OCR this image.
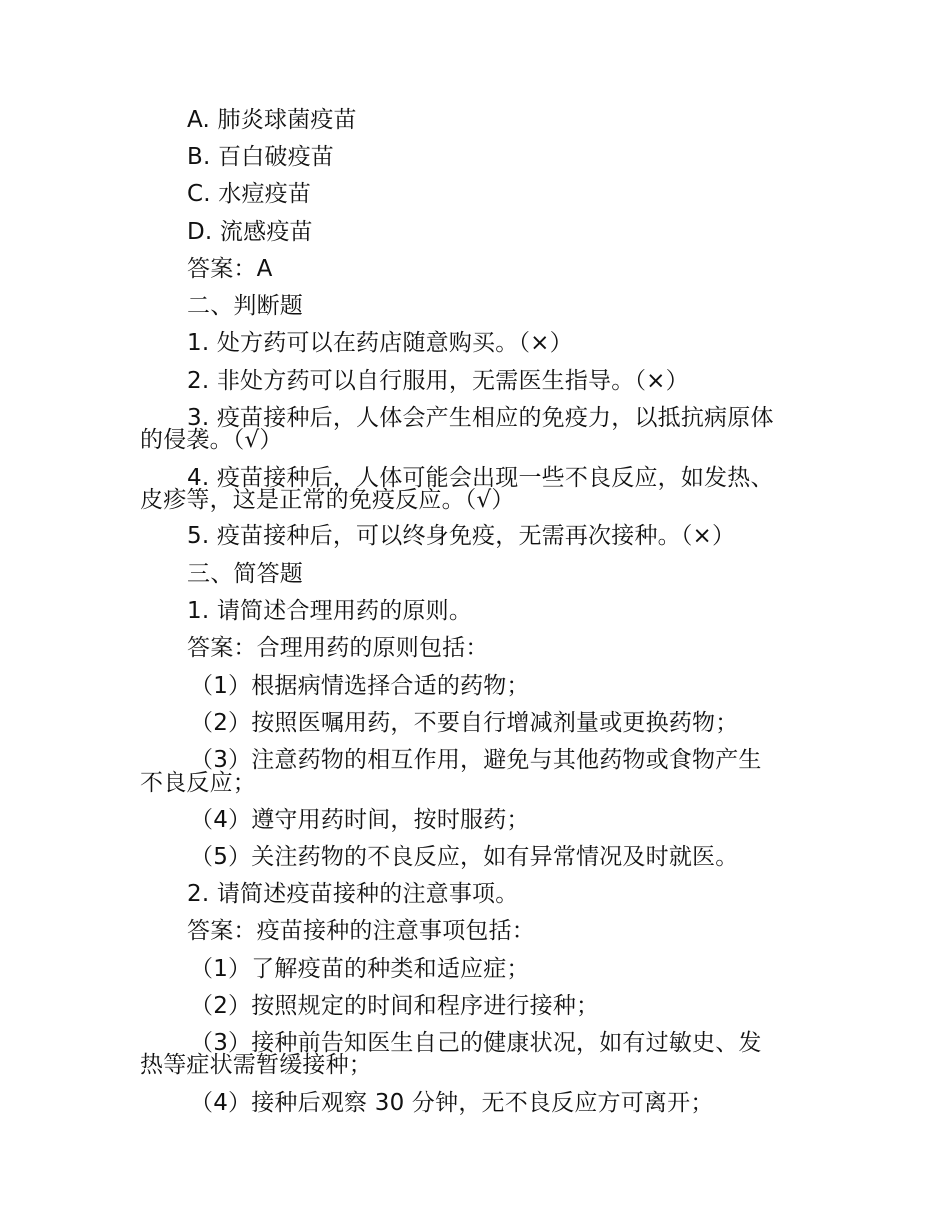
A. 肺炎球菌疫苗
B. 百白破疫苗
C. 水痘疫苗
D. 流感疫苗
答案：A
二、判断题
1. 处方药可以在药店随意购买。（×）
2. 非处方药可以自行服用，无需医生指导。（×）
3. 疫苗接种后，人体会产生相应的免疫力，以抵抗病原体
的侵袭。（√）
4. 疫苗接种后，人体可能会出现一些不良反应，如发热、
皮疹等，这是正常的免疫反应。（√）
5. 疫苗接种后，可以终身免疫，无需再次接种。（×）
三、简答题
1. 请简述合理用药的原则。
答案：合理用药的原则包括：
（1）根据病情选择合适的药物；
（2）按照医嘱用药，不要自行增减剂量或更换药物；
（3）注意药物的相互作用，避免与其他药物或食物产生
不良反应；
（4）遵守用药时间，按时服药；
（5）关注药物的不良反应，如有异常情况及时就医。
2. 请简述疫苗接种的注意事项。
答案：疫苗接种的注意事项包括：
（1）了解疫苗的种类和适应症；
（2）按照规定的时间和程序进行接种；
（3）接种前告知医生自己的健康状况，如有过敏史、发
热等症状需暂缓接种；
（4）接种后观察 30 分钟，无不良反应方可离开；
